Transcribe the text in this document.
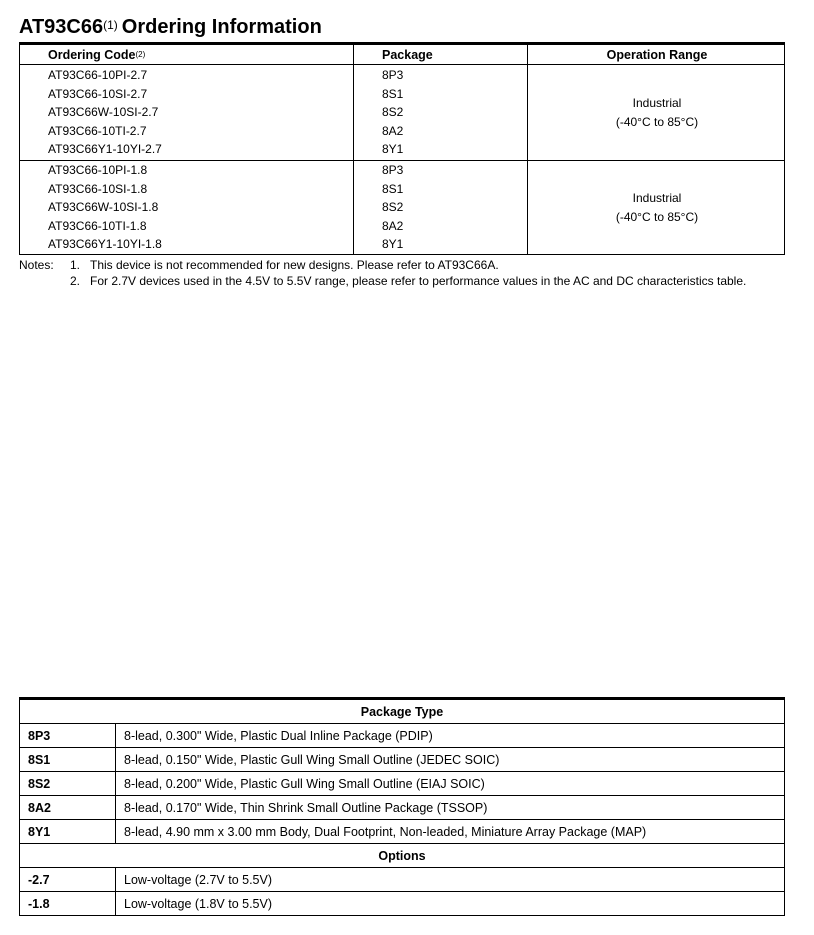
AT93C66$^{(1)}$ Ordering Information
Ordering Code$^{(2)}$	Package	Operation Range
AT93C66-10PI-2.7	8P3
AT93C66-10SI-2.7	8S1
AT93C66W-10SI-2.7	8S2
AT93C66-10TI-2.7	8A2
AT93C66Y1-10YI-2.7	8Y1
Industrial
(-40°C to 85°C)
AT93C66-10PI-1.8	8P3
AT93C66-10SI-1.8	8S1
AT93C66W-10SI-1.8	8S2
AT93C66-10TI-1.8	8A2
AT93C66Y1-10YI-1.8	8Y1
Industrial
(-40°C to 85°C)
Notes: 1. This device is not recommended for new designs. Please refer to AT93C66A.
2. For 2.7V devices used in the 4.5V to 5.5V range, please refer to performance values in the AC and DC characteristics table.
Package Type	
8P3	8-lead, 0.300" Wide, Plastic Dual Inline Package (PDIP)
8S1	8-lead, 0.150" Wide, Plastic Gull Wing Small Outline (JEDEC SOIC)
8S2	8-lead, 0.200" Wide, Plastic Gull Wing Small Outline (EIAJ SOIC)
8A2	8-lead, 0.170" Wide, Thin Shrink Small Outline Package (TSSOP)
8Y1	8-lead, 4.90 mm x 3.00 mm Body, Dual Footprint, Non-leaded, Miniature Array Package (MAP)
Options	
-2.7	Low-voltage (2.7V to 5.5V)
-1.8	Low-voltage (1.8V to 5.5V)
